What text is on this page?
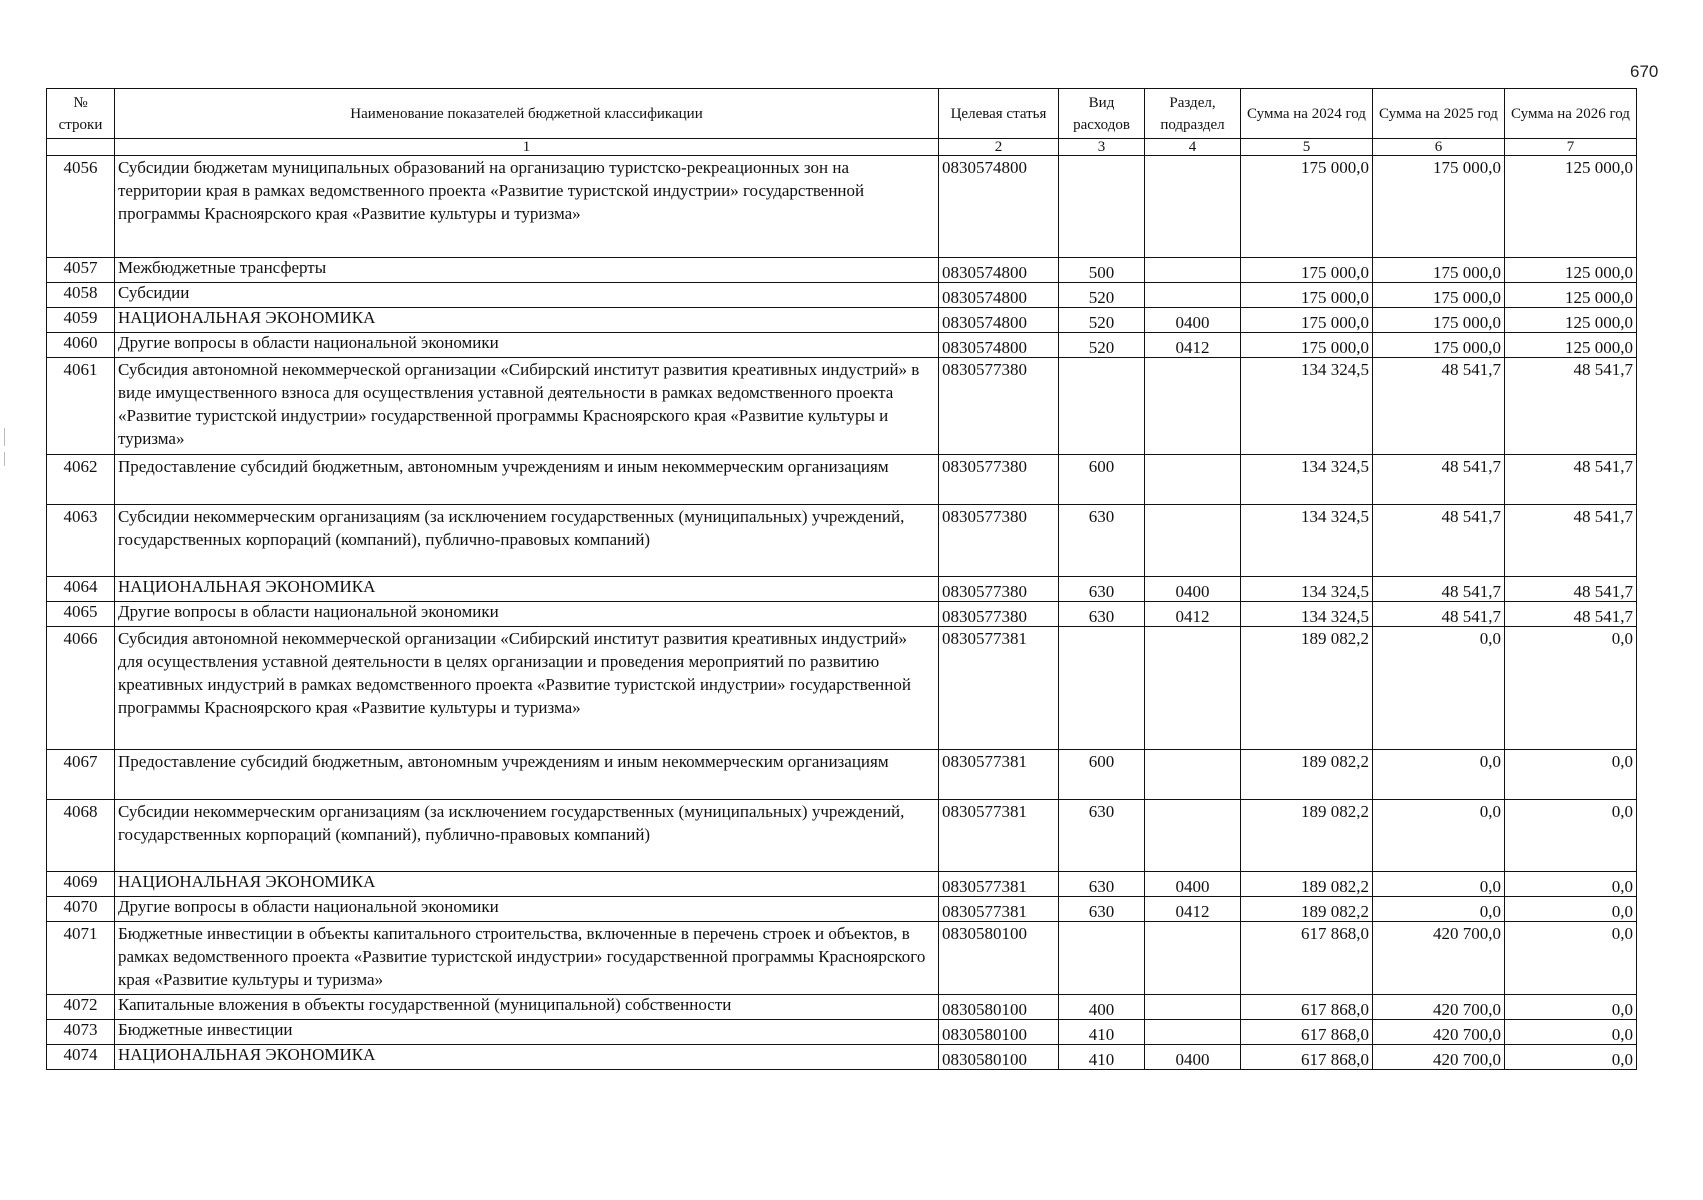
670
№ строки	Наименование показателей бюджетной классификации	Целевая статья	Вид расходов	Раздел, подраздел	Сумма на 2024 год	Сумма на 2025 год	Сумма на 2026 год
	1	2	3	4	5	6	7
4056	Субсидии бюджетам муниципальных образований на организацию туристско-рекреационных зон на территории края в рамках ведомственного проекта «Развитие туристской индустрии» государственной программы Красноярского края «Развитие культуры и туризма»	0830574800			175 000,0	175 000,0	125 000,0
4057	Межбюджетные трансферты	0830574800	500		175 000,0	175 000,0	125 000,0
4058	Субсидии	0830574800	520		175 000,0	175 000,0	125 000,0
4059	НАЦИОНАЛЬНАЯ ЭКОНОМИКА	0830574800	520	0400	175 000,0	175 000,0	125 000,0
4060	Другие вопросы в области национальной экономики	0830574800	520	0412	175 000,0	175 000,0	125 000,0
4061	Субсидия автономной некоммерческой организации «Сибирский институт развития креативных индустрий» в виде имущественного взноса для осуществления уставной деятельности в рамках ведомственного проекта «Развитие туристской индустрии» государственной программы Красноярского края «Развитие культуры и туризма»	0830577380			134 324,5	48 541,7	48 541,7
4062	Предоставление субсидий бюджетным, автономным учреждениям и иным некоммерческим организациям	0830577380	600		134 324,5	48 541,7	48 541,7
4063	Субсидии некоммерческим организациям (за исключением государственных (муниципальных) учреждений, государственных корпораций (компаний), публично-правовых компаний)	0830577380	630		134 324,5	48 541,7	48 541,7
4064	НАЦИОНАЛЬНАЯ ЭКОНОМИКА	0830577380	630	0400	134 324,5	48 541,7	48 541,7
4065	Другие вопросы в области национальной экономики	0830577380	630	0412	134 324,5	48 541,7	48 541,7
4066	Субсидия автономной некоммерческой организации «Сибирский институт развития креативных индустрий» для осуществления уставной деятельности в целях организации и проведения мероприятий по развитию креативных индустрий в рамках ведомственного проекта «Развитие туристской индустрии» государственной программы Красноярского края «Развитие культуры и туризма»	0830577381			189 082,2	0,0	0,0
4067	Предоставление субсидий бюджетным, автономным учреждениям и иным некоммерческим организациям	0830577381	600		189 082,2	0,0	0,0
4068	Субсидии некоммерческим организациям (за исключением государственных (муниципальных) учреждений, государственных корпораций (компаний), публично-правовых компаний)	0830577381	630		189 082,2	0,0	0,0
4069	НАЦИОНАЛЬНАЯ ЭКОНОМИКА	0830577381	630	0400	189 082,2	0,0	0,0
4070	Другие вопросы в области национальной экономики	0830577381	630	0412	189 082,2	0,0	0,0
4071	Бюджетные инвестиции в объекты капитального строительства, включенные в перечень строек и объектов, в рамках ведомственного проекта «Развитие туристской индустрии» государственной программы Красноярского края «Развитие культуры и туризма»	0830580100			617 868,0	420 700,0	0,0
4072	Капитальные вложения в объекты государственной (муниципальной) собственности	0830580100	400		617 868,0	420 700,0	0,0
4073	Бюджетные инвестиции	0830580100	410		617 868,0	420 700,0	0,0
4074	НАЦИОНАЛЬНАЯ ЭКОНОМИКА	0830580100	410	0400	617 868,0	420 700,0	0,0
